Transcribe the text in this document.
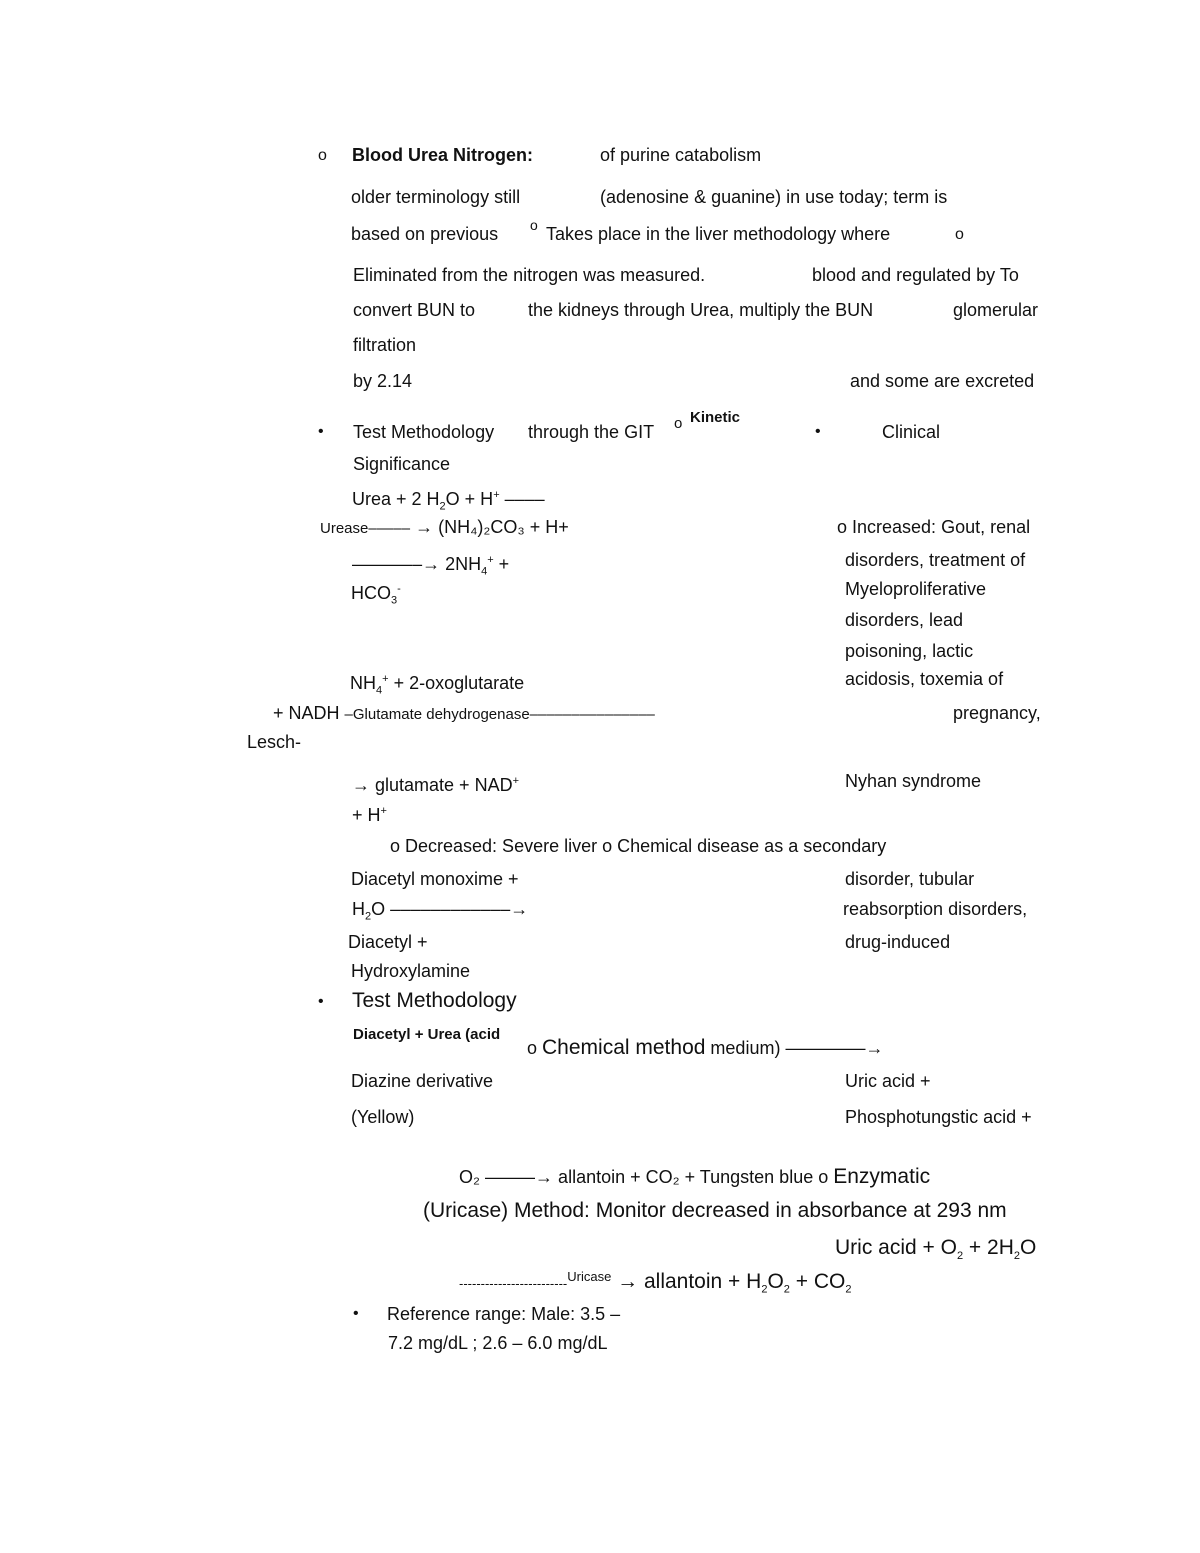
o Blood Urea Nitrogen:	of purine catabolism
older terminology still	(adenosine & guanine) in use today; term is
based on previous o Takes place in the liver methodology where	o
Eliminated from the nitrogen was measured.	blood and regulated by To
convert BUN to	the kidneys through Urea, multiply the BUN	glomerular
filtration
by 2.14	and some are excreted
• Test Methodology through the GIT o Kinetic
•	Clinical
Significance
Urea + 2 $H_2O + H^+$ ––––
Urease––––– → (NH₄)₂CO₃ + H+	o Increased: Gout, renal
–––––––→ $2NH_4^+$ +	disorders, treatment of
$HCO_3^-$	Myeloproliferative
disorders, lead
poisoning, lactic
$NH_4^+$ + 2-oxoglutarate	acidosis, toxemia of
+ NADH –Glutamate dehydrogenase–––––––––––––––	pregnancy,
Lesch-
→ glutamate + NAD+	Nyhan syndrome
+ H+
o Decreased: Severe liver o Chemical disease as a secondary
Diacetyl monoxime +	disorder, tubular
$H_2O$ ––––––––––––→	reabsorption disorders,
Diacetyl +	drug-induced
Hydroxylamine
• Test Methodology
Diacetyl + Urea (acid
o Chemical method medium) ––––––––→
Diazine derivative	Uric acid +
(Yellow)	Phosphotungstic acid +
O₂ –––––→ allantoin + CO₂ + Tungsten blue o Enzymatic
(Uricase) Method: Monitor decreased in absorbance at 293 nm
Uric acid + $O_2 + 2H_2O$
-------------------------$^{Uricase}$ → allantoin + $H_2O_2 + CO_2$
• Reference range: Male: 3.5 –
7.2 mg/dL ; 2.6 – 6.0 mg/dL
